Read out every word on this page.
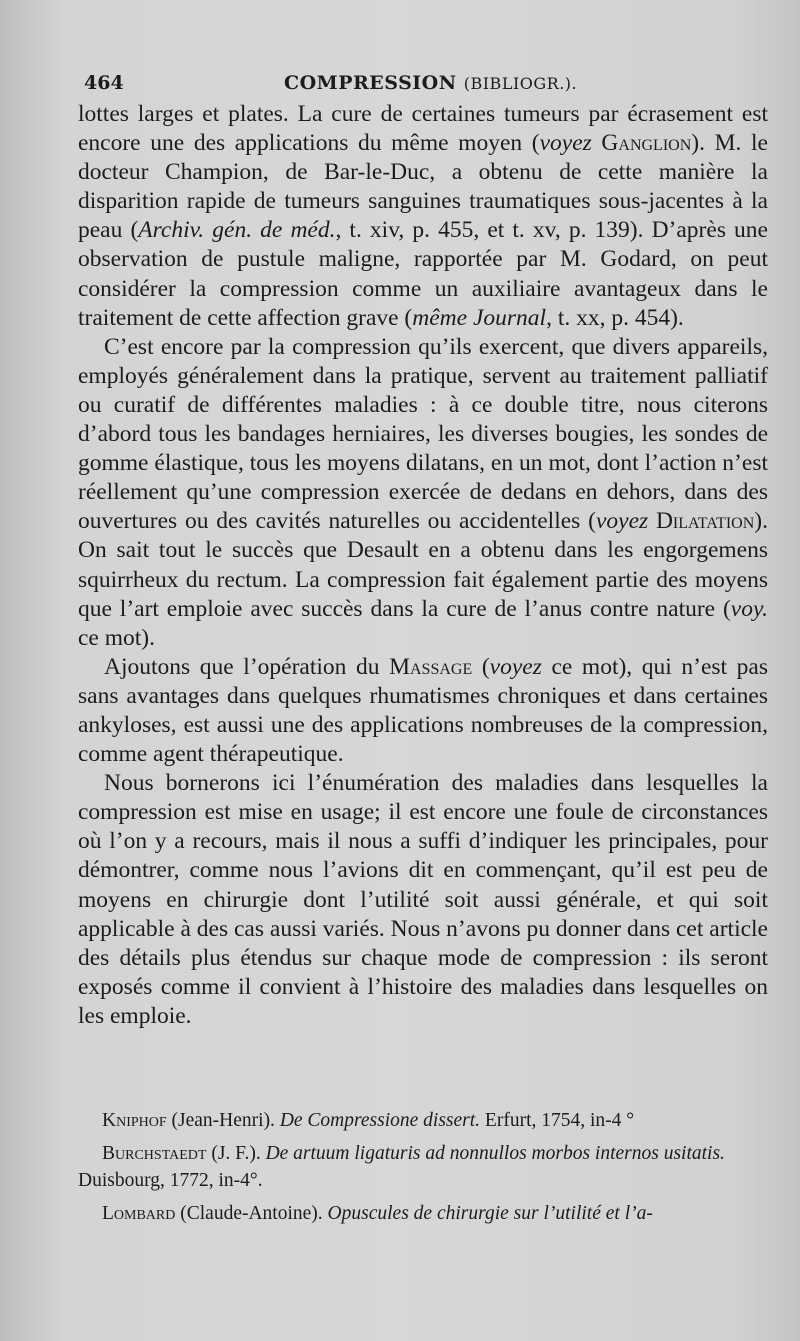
464	COMPRESSION (BIBLIOGR.).

lottes larges et plates. La cure de certaines tumeurs par écrasement est encore une des applications du même moyen (voyez Ganglion). M. le docteur Champion, de Bar-le-Duc, a obtenu de cette manière la disparition rapide de tumeurs sanguines traumatiques sous-jacentes à la peau (Archiv. gén. de méd., t. xiv, p. 455, et t. xv, p. 139). D’après une observation de pustule maligne, rapportée par M. Godard, on peut considérer la compression comme un auxiliaire avantageux dans le traitement de cette affection grave (même Journal, t. xx, p. 454).

C’est encore par la compression qu’ils exercent, que divers appareils, employés généralement dans la pratique, servent au traitement palliatif ou curatif de différentes maladies : à ce double titre, nous citerons d’abord tous les bandages herniaires, les diverses bougies, les sondes de gomme élastique, tous les moyens dilatans, en un mot, dont l’action n’est réellement qu’une compression exercée de dedans en dehors, dans des ouvertures ou des cavités naturelles ou accidentelles (voyez Dilatation). On sait tout le succès que Desault en a obtenu dans les engorgemens squirrheux du rectum. La compression fait également partie des moyens que l’art emploie avec succès dans la cure de l’anus contre nature (voy. ce mot).

Ajoutons que l’opération du Massage (voyez ce mot), qui n’est pas sans avantages dans quelques rhumatismes chroniques et dans certaines ankyloses, est aussi une des applications nombreuses de la compression, comme agent thérapeutique.

Nous bornerons ici l’énumération des maladies dans lesquelles la compression est mise en usage; il est encore une foule de circonstances où l’on y a recours, mais il nous a suffi d’indiquer les principales, pour démontrer, comme nous l’avions dit en commençant, qu’il est peu de moyens en chirurgie dont l’utilité soit aussi générale, et qui soit applicable à des cas aussi variés. Nous n’avons pu donner dans cet article des détails plus étendus sur chaque mode de compression : ils seront exposés comme il convient à l’histoire des maladies dans lesquelles on les emploie.

Kniphof (Jean-Henri). De Compressione dissert. Erfurt, 1754, in-4 °

Burchstaedt (J. F.). De artuum ligaturis ad nonnullos morbos internos usitatis. Duisbourg, 1772, in-4°.

Lombard (Claude-Antoine). Opuscules de chirurgie sur l’utilité et l’a-
